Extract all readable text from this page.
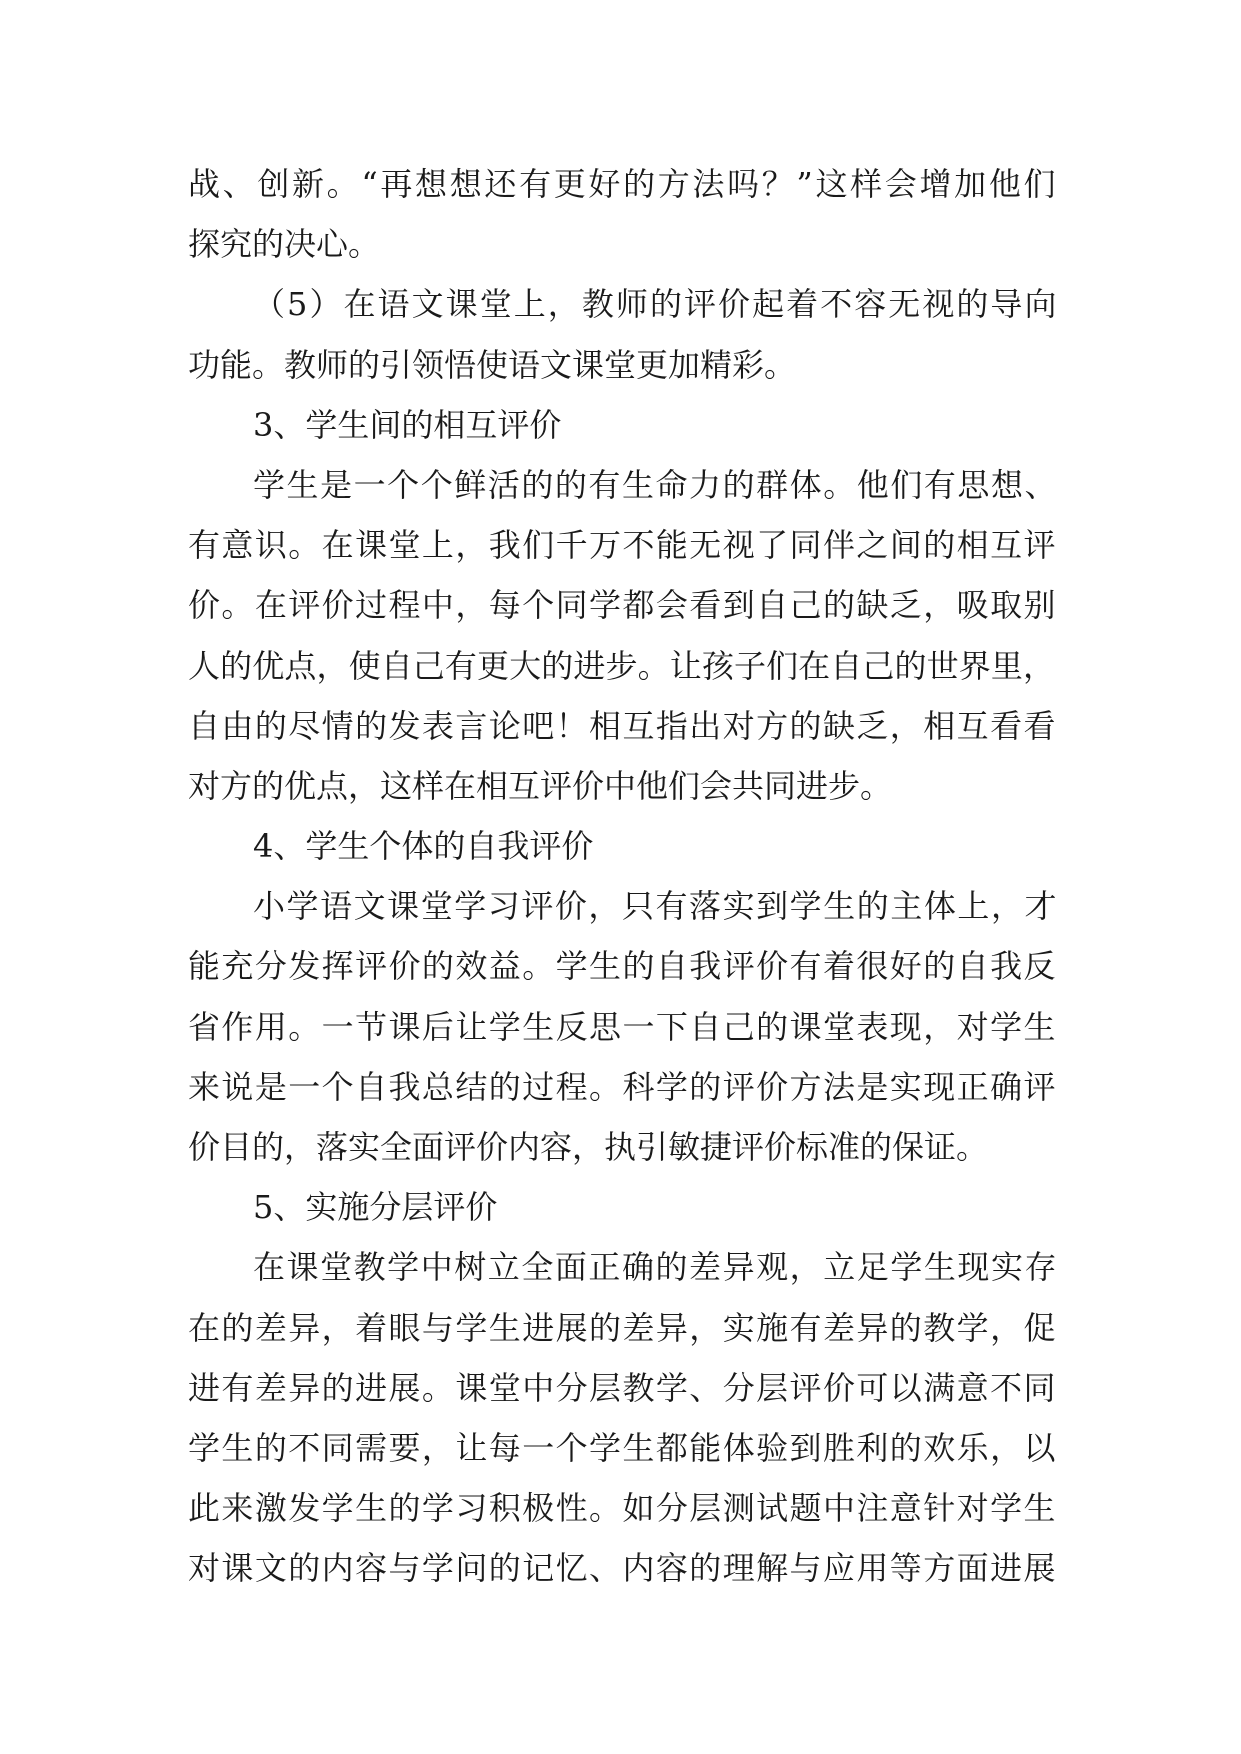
战、创新。“再想想还有更好的方法吗？”这样会增加他们
探究的决心。
（5）在语文课堂上，教师的评价起着不容无视的导向
功能。教师的引领悟使语文课堂更加精彩。
3、学生间的相互评价
学生是一个个鲜活的的有生命力的群体。他们有思想、
有意识。在课堂上，我们千万不能无视了同伴之间的相互评
价。在评价过程中，每个同学都会看到自己的缺乏，吸取别
人的优点，使自己有更大的进步。让孩子们在自己的世界里，
自由的尽情的发表言论吧！相互指出对方的缺乏，相互看看
对方的优点，这样在相互评价中他们会共同进步。
4、学生个体的自我评价
小学语文课堂学习评价，只有落实到学生的主体上，才
能充分发挥评价的效益。学生的自我评价有着很好的自我反
省作用。一节课后让学生反思一下自己的课堂表现，对学生
来说是一个自我总结的过程。科学的评价方法是实现正确评
价目的，落实全面评价内容，执引敏捷评价标准的保证。
5、实施分层评价
在课堂教学中树立全面正确的差异观，立足学生现实存
在的差异，着眼与学生进展的差异，实施有差异的教学，促
进有差异的进展。课堂中分层教学、分层评价可以满意不同
学生的不同需要，让每一个学生都能体验到胜利的欢乐，以
此来激发学生的学习积极性。如分层测试题中注意针对学生
对课文的内容与学问的记忆、内容的理解与应用等方面进展
